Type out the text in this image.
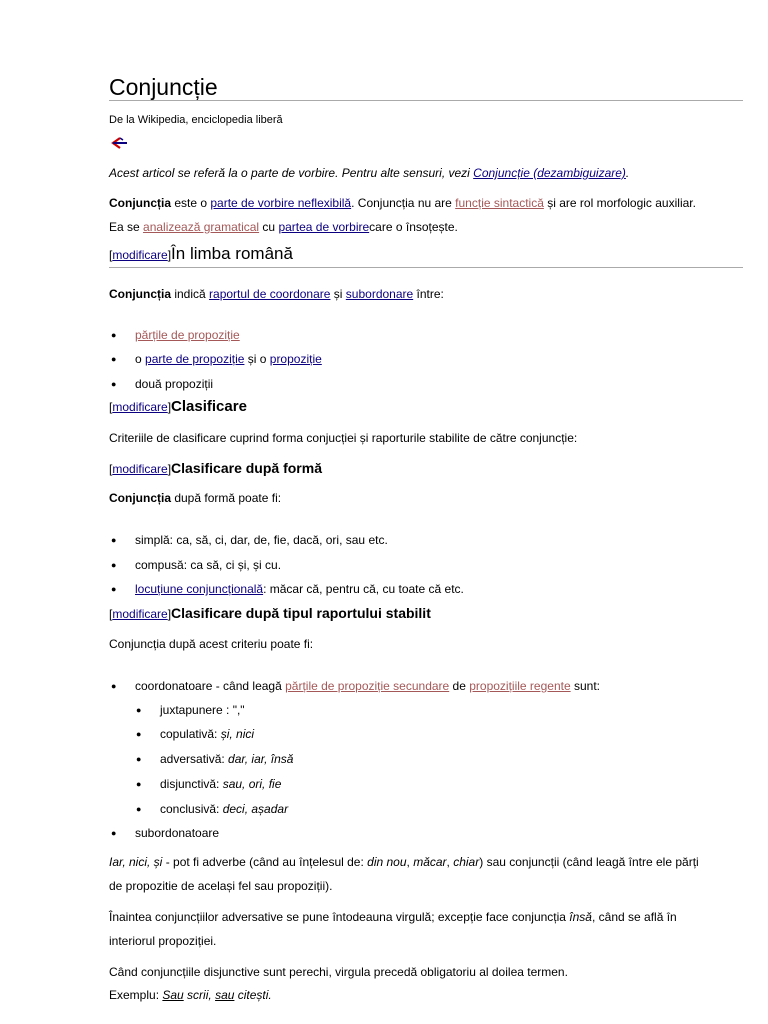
Conjuncție
De la Wikipedia, enciclopedia liberă
Acest articol se referă la o parte de vorbire. Pentru alte sensuri, vezi Conjuncție (dezambiguizare).
Conjuncția este o parte de vorbire neflexibilă. Conjuncția nu are funcție sintactică și are rol morfologic auxiliar.
Ea se analizează gramatical cu partea de vorbirecare o însoțește.
[modificare]În limba română
Conjuncția indică raportul de coordonare și subordonare între:
● părțile de propoziție
● o parte de propoziție și o propoziție
● două propoziții
[modificare]Clasificare
Criteriile de clasificare cuprind forma conjucției și raporturile stabilite de către conjuncție:
[modificare]Clasificare după formă
Conjuncția după formă poate fi:
● simplă: ca, să, ci, dar, de, fie, dacă, ori, sau etc.
● compusă: ca să, ci și, și cu.
● locuțiune conjuncțională: măcar că, pentru că, cu toate că etc.
[modificare]Clasificare după tipul raportului stabilit
Conjuncția după acest criteriu poate fi:
● coordonatoare - când leagă părțile de propoziție secundare de propozițiile regente sunt:
● juxtapunere : ","
● copulativă: și, nici
● adversativă: dar, iar, însă
● disjunctivă: sau, ori, fie
● conclusivă: deci, așadar
● subordonatoare
Iar, nici, și - pot fi adverbe (când au înțelesul de: din nou, măcar, chiar) sau conjuncții (când leagă între ele părți
de propozitie de același fel sau propoziții).
Înaintea conjuncțiilor adversative se pune întodeauna virgulă; excepție face conjuncția însă, când se află în
interiorul propoziției.
Când conjuncțiile disjunctive sunt perechi, virgula precedă obligatoriu al doilea termen.
Exemplu: Sau scrii, sau citești.
